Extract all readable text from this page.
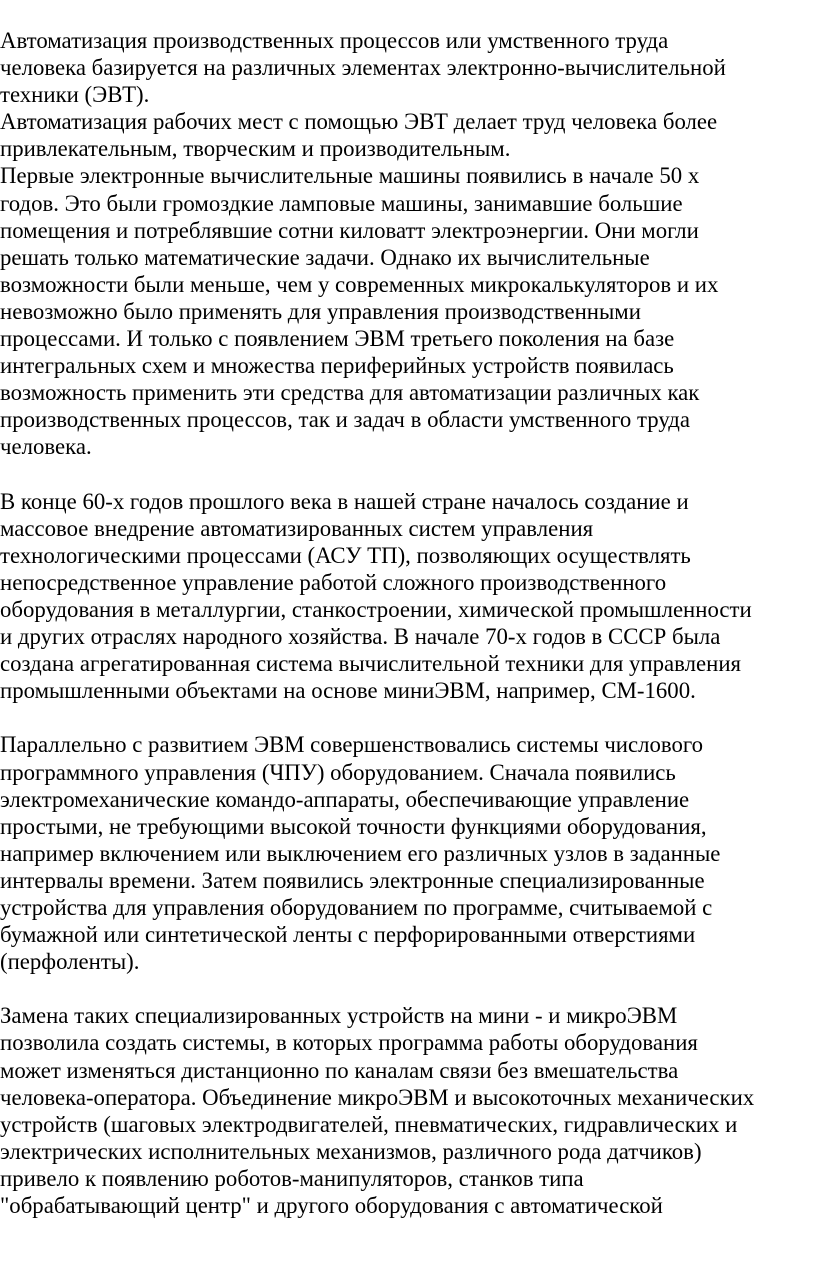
Автоматизация производственных процессов или умственного труда
человека базируется на различных элементах электронно-вычислительной
техники (ЭВТ).
Автоматизация рабочих мест с помощью ЭВТ делает труд человека более
привлекательным, творческим и производительным.
Первые электронные вычислительные машины появились в начале 50 х
годов. Это были громоздкие ламповые машины, занимавшие большие
помещения и потреблявшие сотни киловатт электроэнергии. Они могли
решать только математические задачи. Однако их вычислительные
возможности были меньше, чем у современных микрокалькуляторов и их
невозможно было применять для управления производственными
процессами. И только с появлением ЭВМ третьего поколения на базе
интегральных схем и множества периферийных устройств появилась
возможность применить эти средства для автоматизации различных как
производственных процессов, так и задач в области умственного труда
человека.
В конце 60-х годов прошлого века в нашей стране началось создание и
массовое внедрение автоматизированных систем управления
технологическими процессами (АСУ ТП), позволяющих осуществлять
непосредственное управление работой сложного производственного
оборудования в металлургии, станкостроении, химической промышленности
и других отраслях народного хозяйства. В начале 70-х годов в СССР была
создана агрегатированная система вычислительной техники для управления
промышленными объектами на основе миниЭВМ, например, СМ-1600.
Параллельно с развитием ЭВМ совершенствовались системы числового
программного управления (ЧПУ) оборудованием. Сначала появились
электромеханические командо-аппараты, обеспечивающие управление
простыми, не требующими высокой точности функциями оборудования,
например включением или выключением его различных узлов в заданные
интервалы времени. Затем появились электронные специализированные
устройства для управления оборудованием по программе, считываемой с
бумажной или синтетической ленты с перфорированными отверстиями
(перфоленты).
Замена таких специализированных устройств на мини - и микроЭВМ
позволила создать системы, в которых программа работы оборудования
может изменяться дистанционно по каналам связи без вмешательства
человека-оператора. Объединение микроЭВМ и высокоточных механических
устройств (шаговых электродвигателей, пневматических, гидравлических и
электрических исполнительных механизмов, различного рода датчиков)
привело к появлению роботов-манипуляторов, станков типа
"обрабатывающий центр" и другого оборудования с автоматической
